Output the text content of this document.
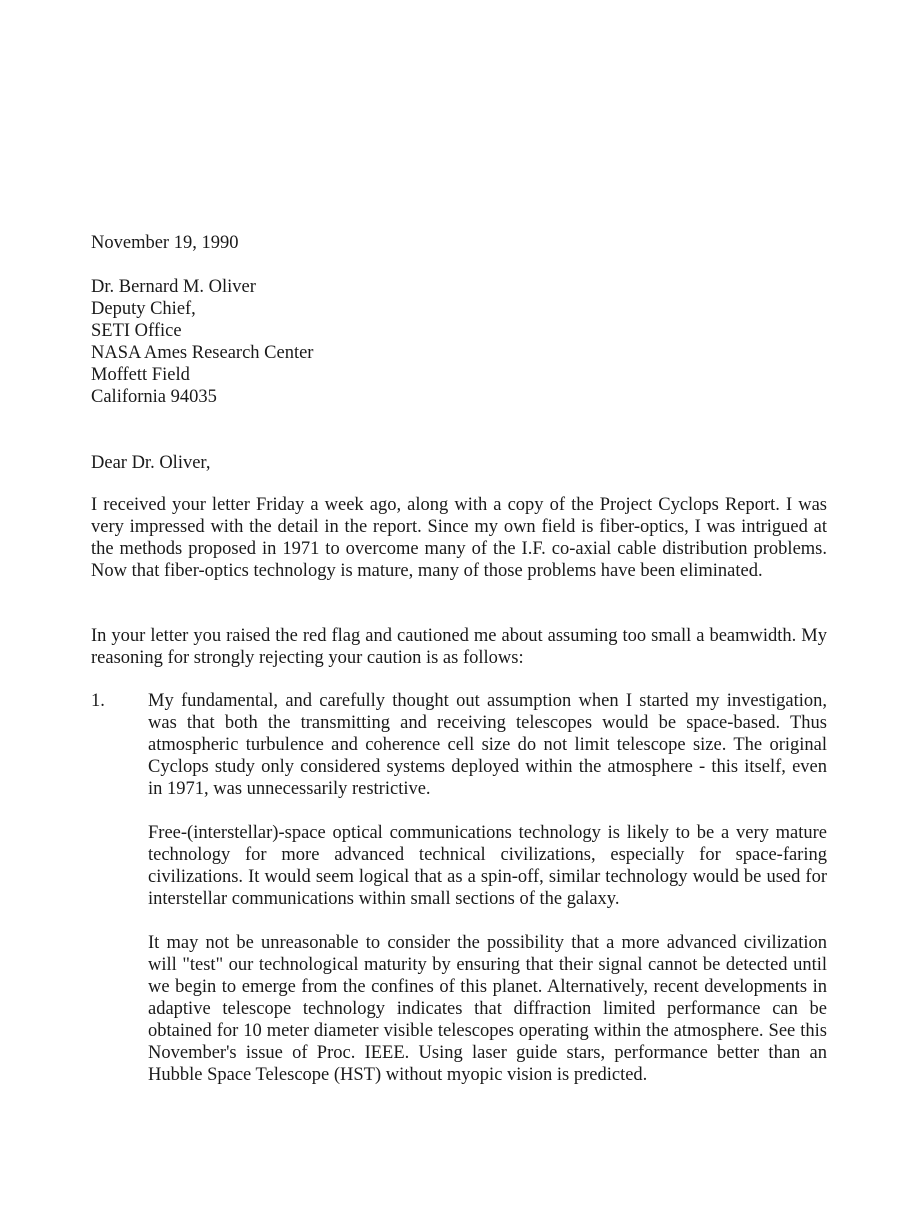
November 19, 1990
Dr. Bernard M. Oliver
Deputy Chief,
SETI Office
NASA Ames Research Center
Moffett Field
California 94035
Dear Dr. Oliver,

I received your letter Friday a week ago, along with a copy of the Project Cyclops Report. I was very impressed with the detail in the report. Since my own field is fiber-optics, I was intrigued at the methods proposed in 1971 to overcome many of the I.F. co-axial cable distribution problems. Now that fiber-optics technology is mature, many of those problems have been eliminated.

In your letter you raised the red flag and cautioned me about assuming too small a beamwidth. My reasoning for strongly rejecting your caution is as follows:

1. My fundamental, and carefully thought out assumption when I started my investigation, was that both the transmitting and receiving telescopes would be space-based. Thus atmospheric turbulence and coherence cell size do not limit telescope size. The original Cyclops study only considered systems deployed within the atmosphere - this itself, even in 1971, was unnecessarily restrictive.

Free-(interstellar)-space optical communications technology is likely to be a very mature technology for more advanced technical civilizations, especially for space-faring civilizations. It would seem logical that as a spin-off, similar technology would be used for interstellar communications within small sections of the galaxy.

It may not be unreasonable to consider the possibility that a more advanced civilization will "test" our technological maturity by ensuring that their signal cannot be detected until we begin to emerge from the confines of this planet. Alternatively, recent developments in adaptive telescope technology indicates that diffraction limited performance can be obtained for 10 meter diameter visible telescopes operating within the atmosphere. See this November's issue of Proc. IEEE. Using laser guide stars, performance better than an Hubble Space Telescope (HST) without myopic vision is predicted.
